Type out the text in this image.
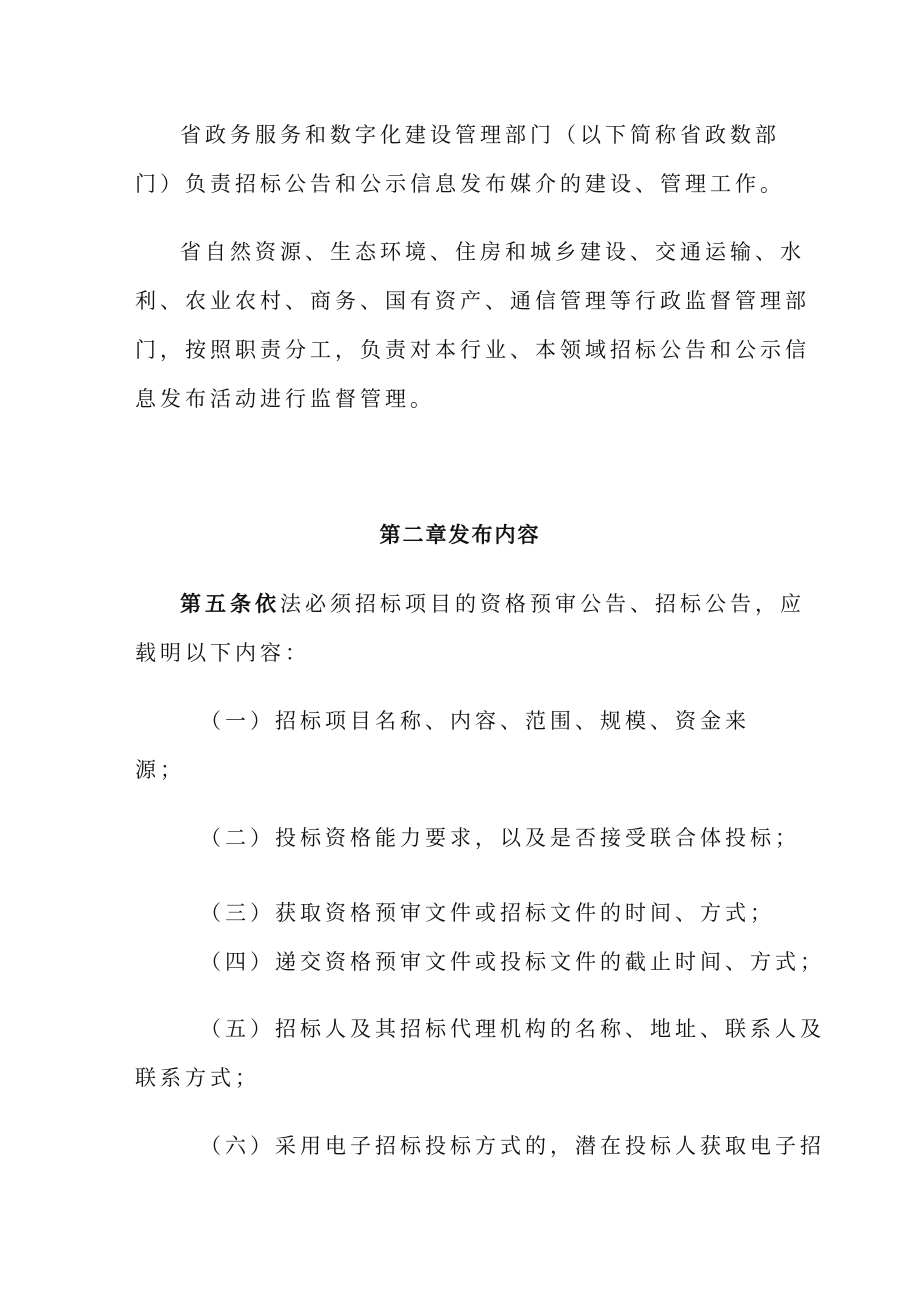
省政务服务和数字化建设管理部门（以下简称省政数部
门）负责招标公告和公示信息发布媒介的建设、管理工作。
省自然资源、生态环境、住房和城乡建设、交通运输、水
利、农业农村、商务、国有资产、通信管理等行政监督管理部
门，按照职责分工，负责对本行业、本领域招标公告和公示信
息发布活动进行监督管理。
第二章发布内容
第五条依法必须招标项目的资格预审公告、招标公告，应
载明以下内容：
（一）招标项目名称、内容、范围、规模、资金来
源；
（二）投标资格能力要求，以及是否接受联合体投标；
（三）获取资格预审文件或招标文件的时间、方式；
（四）递交资格预审文件或投标文件的截止时间、方式；
（五）招标人及其招标代理机构的名称、地址、联系人及
联系方式；
（六）采用电子招标投标方式的，潜在投标人获取电子招
